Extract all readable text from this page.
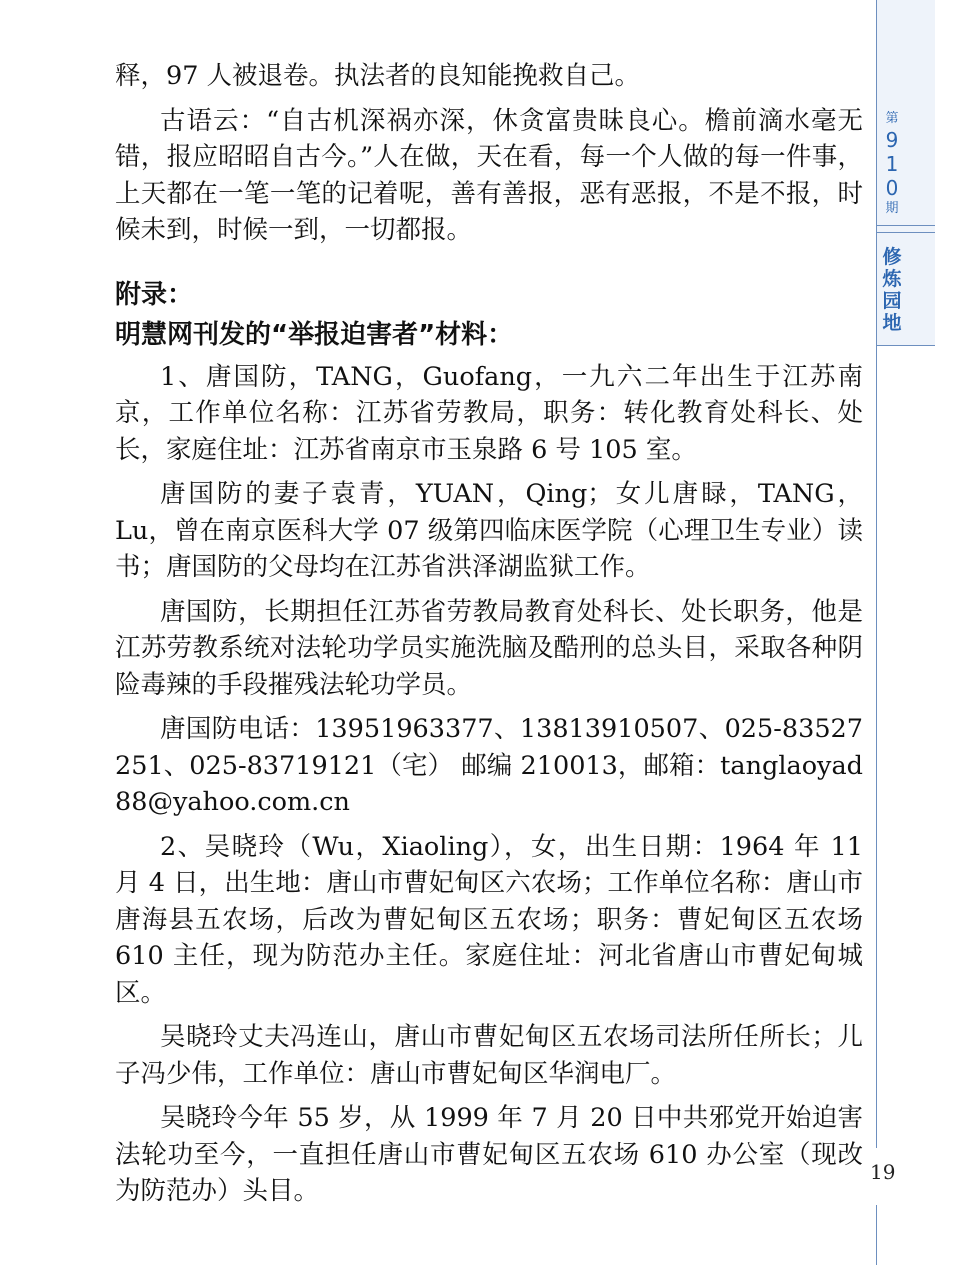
释，97 人被退卷。执法者的良知能挽救自己。

古语云：“自古机深祸亦深，休贪富贵昧良心。檐前滴水毫无错，报应昭昭自古今。”人在做，天在看，每一个人做的每一件事，上天都在一笔一笔的记着呢，善有善报，恶有恶报，不是不报，时候未到，时候一到，一切都报。

附录：

明慧网刊发的“举报迫害者”材料：

1、唐国防，TANG，Guofang，一九六二年出生于江苏南京，工作单位名称：江苏省劳教局，职务：转化教育处科长、处长，家庭住址：江苏省南京市玉泉路 6 号 105 室。

唐国防的妻子袁青，YUAN，Qing；女儿唐睩，TANG，Lu，曾在南京医科大学 07 级第四临床医学院（心理卫生专业）读书；唐国防的父母均在江苏省洪泽湖监狱工作。

唐国防，长期担任江苏省劳教局教育处科长、处长职务，他是江苏劳教系统对法轮功学员实施洗脑及酷刑的总头目，采取各种阴险毒辣的手段摧残法轮功学员。

唐国防电话：13951963377、13813910507、025-83527251、025-83719121（宅） 邮编 210013，邮箱：tanglaoyad88@yahoo.com.cn

2、吴晓玲（Wu，Xiaoling），女，出生日期：1964 年 11 月 4 日，出生地：唐山市曹妃甸区六农场；工作单位名称：唐山市唐海县五农场，后改为曹妃甸区五农场；职务：曹妃甸区五农场 610 主任，现为防范办主任。家庭住址：河北省唐山市曹妃甸城区。

吴晓玲丈夫冯连山，唐山市曹妃甸区五农场司法所任所长；儿子冯少伟，工作单位：唐山市曹妃甸区华润电厂。

吴晓玲今年 55 岁，从 1999 年 7 月 20 日中共邪党开始迫害法轮功至今，一直担任唐山市曹妃甸区五农场 610 办公室（现改为防范办）头目。

第
9
1
0
期
修
炼
园
地
19
